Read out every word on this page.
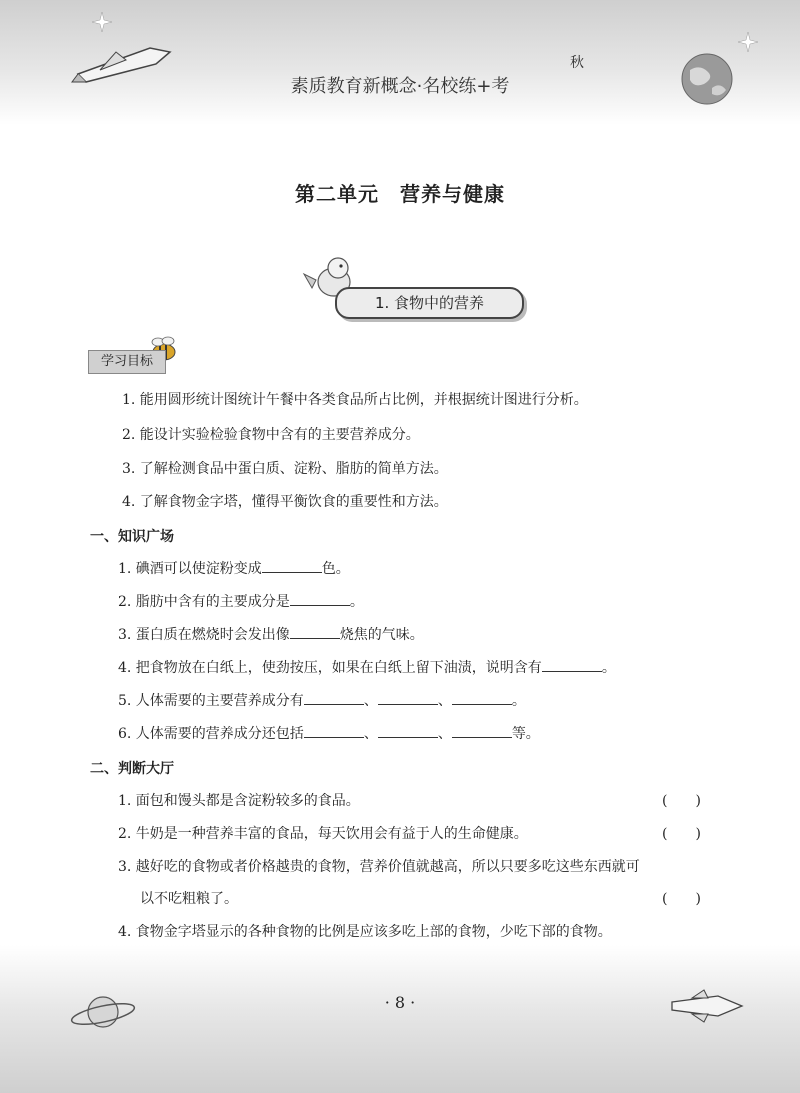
素质教育新概念·名校练+考
秋
第二单元　营养与健康
1. 食物中的营养
学习目标
1. 能用圆形统计图统计午餐中各类食品所占比例，并根据统计图进行分析。
2. 能设计实验检验食物中含有的主要营养成分。
3. 了解检测食品中蛋白质、淀粉、脂肪的简单方法。
4. 了解食物金字塔，懂得平衡饮食的重要性和方法。
一、知识广场
1. 碘酒可以使淀粉变成	色。
2. 脂肪中含有的主要成分是	。
3. 蛋白质在燃烧时会发出像	烧焦的气味。
4. 把食物放在白纸上，使劲按压，如果在白纸上留下油渍，说明含有	。
5. 人体需要的主要营养成分有	、	、	。
6. 人体需要的营养成分还包括	、	、	等。
二、判断大厅
1. 面包和馒头都是含淀粉较多的食品。	(　　)
2. 牛奶是一种营养丰富的食品，每天饮用会有益于人的生命健康。	(　　)
3. 越好吃的食物或者价格越贵的食物，营养价值就越高，所以只要多吃这些东西就可
以不吃粗粮了。	(　　)
4. 食物金字塔显示的各种食物的比例是应该多吃上部的食物，少吃下部的食物。
· 8 ·
